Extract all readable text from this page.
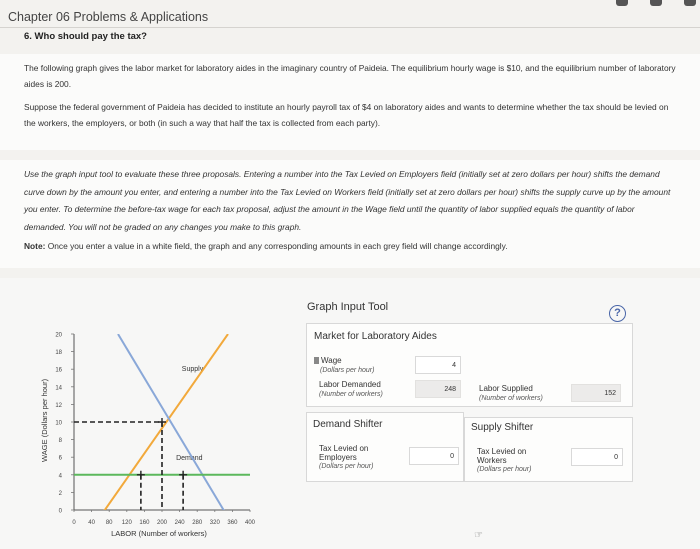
Chapter 06 Problems & Applications
6. Who should pay the tax?

The following graph gives the labor market for laboratory aides in the imaginary country of Paideia. The equilibrium hourly wage is $10, and the equilibrium number of laboratory aides is 200.

Suppose the federal government of Paideia has decided to institute an hourly payroll tax of $4 on laboratory aides and wants to determine whether the tax should be levied on the workers, the employers, or both (in such a way that half the tax is collected from each party).

Use the graph input tool to evaluate these three proposals. Entering a number into the Tax Levied on Employers field (initially set at zero dollars per hour) shifts the demand curve down by the amount you enter, and entering a number into the Tax Levied on Workers field (initially set at zero dollars per hour) shifts the supply curve up by the amount you enter. To determine the before-tax wage for each tax proposal, adjust the amount in the Wage field until the quantity of labor supplied equals the quantity of labor demanded. You will not be graded on any changes you make to this graph.

Note: Once you enter a value in a white field, the graph and any corresponding amounts in each grey field will change accordingly.

0
2
4
6
8
10
12
14
16
18
20
0 40 80 120 160 200 240 280 320 360 400
Supply
Demand
WAGE (Dollars per hour)
LABOR (Number of workers)
Graph Input Tool	?
Market for Laboratory Aides
Wage
(Dollars per hour)
4
Labor Demanded
(Number of workers)
248	Labor Supplied
(Number of workers)
152
Demand Shifter
Tax Levied on
Employers
(Dollars per hour)
0
Supply Shifter
Tax Levied on
Workers
(Dollars per hour)
0
☞
